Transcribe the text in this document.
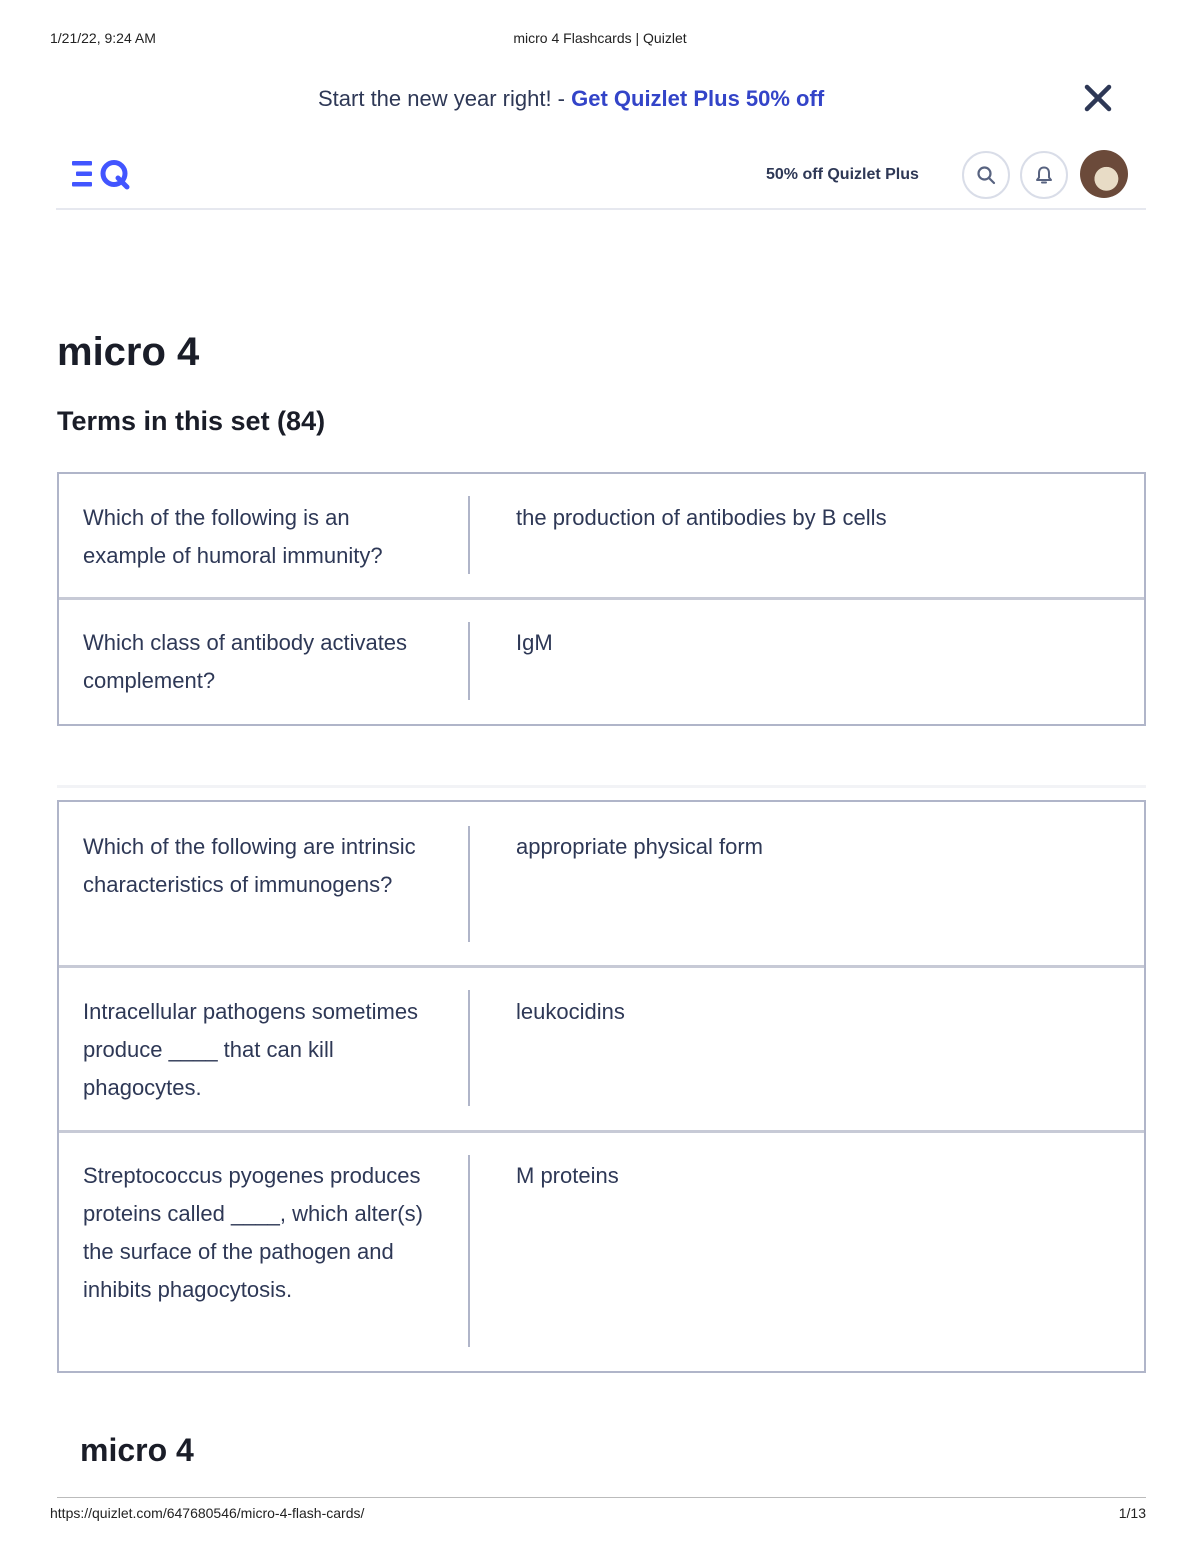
1/21/22, 9:24 AM	micro 4 Flashcards | Quizlet
Start the new year right! - Get Quizlet Plus 50% off
50% off Quizlet Plus
micro 4
Terms in this set (84)
Which of the following is an example of humoral immunity?
the production of antibodies by B cells
Which class of antibody activates complement?
IgM
Which of the following are intrinsic characteristics of immunogens?
appropriate physical form
Intracellular pathogens sometimes produce ____ that can kill phagocytes.
leukocidins
Streptococcus pyogenes produces proteins called ____, which alter(s) the surface of the pathogen and inhibits phagocytosis.
M proteins
micro 4
https://quizlet.com/647680546/micro-4-flash-cards/	1/13
